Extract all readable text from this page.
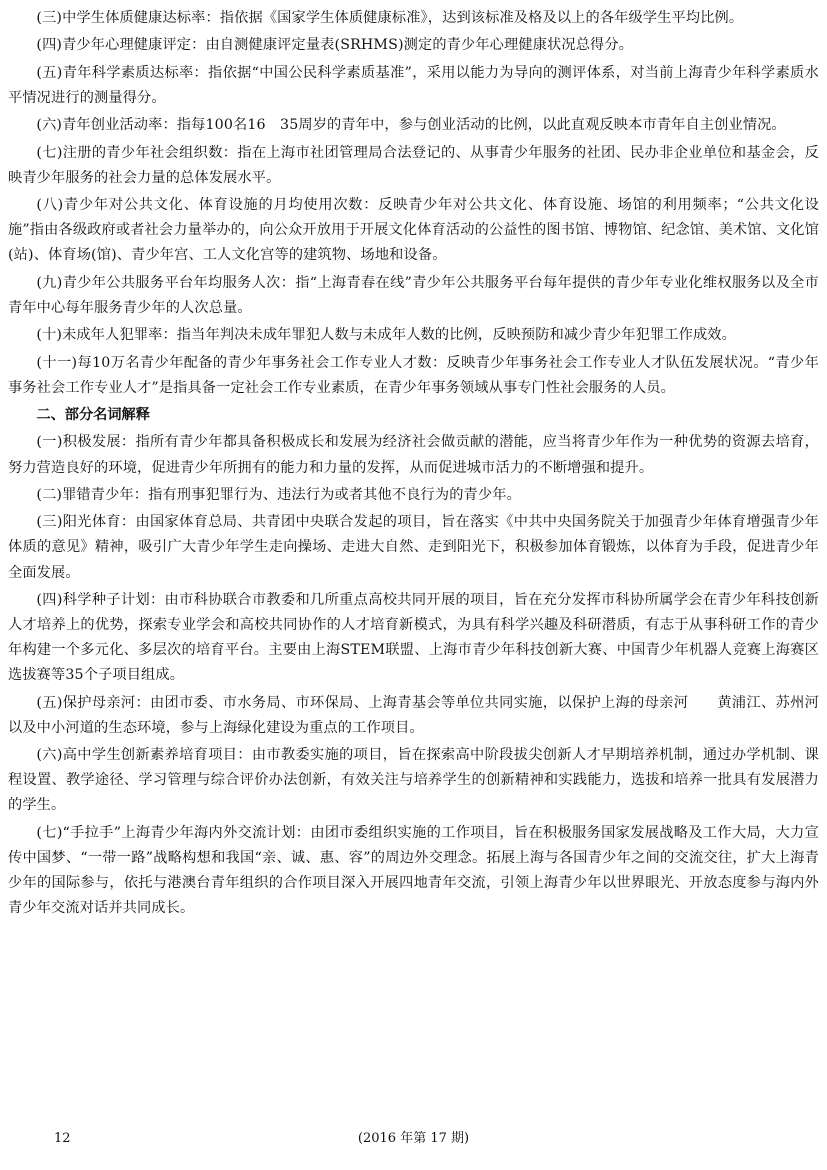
(三)中学生体质健康达标率：指依据《国家学生体质健康标准》，达到该标准及格及以上的各年级学生平均比例。

(四)青少年心理健康评定：由自测健康评定量表(SRHMS)测定的青少年心理健康状况总得分。

(五)青年科学素质达标率：指依据“中国公民科学素质基准”，采用以能力为导向的测评体系，对当前上海青少年科学素质水平情况进行的测量得分。

(六)青年创业活动率：指每100名16　35周岁的青年中，参与创业活动的比例，以此直观反映本市青年自主创业情况。

(七)注册的青少年社会组织数：指在上海市社团管理局合法登记的、从事青少年服务的社团、民办非企业单位和基金会，反映青少年服务的社会力量的总体发展水平。

(八)青少年对公共文化、体育设施的月均使用次数：反映青少年对公共文化、体育设施、场馆的利用频率；“公共文化设施”指由各级政府或者社会力量举办的，向公众开放用于开展文化体育活动的公益性的图书馆、博物馆、纪念馆、美术馆、文化馆(站)、体育场(馆)、青少年宫、工人文化宫等的建筑物、场地和设备。

(九)青少年公共服务平台年均服务人次：指“上海青春在线”青少年公共服务平台每年提供的青少年专业化维权服务以及全市青年中心每年服务青少年的人次总量。

(十)未成年人犯罪率：指当年判决未成年罪犯人数与未成年人数的比例，反映预防和减少青少年犯罪工作成效。

(十一)每10万名青少年配备的青少年事务社会工作专业人才数：反映青少年事务社会工作专业人才队伍发展状况。“青少年事务社会工作专业人才”是指具备一定社会工作专业素质，在青少年事务领域从事专门性社会服务的人员。

二、部分名词解释

(一)积极发展：指所有青少年都具备积极成长和发展为经济社会做贡献的潜能，应当将青少年作为一种优势的资源去培育，努力营造良好的环境，促进青少年所拥有的能力和力量的发挥，从而促进城市活力的不断增强和提升。

(二)罪错青少年：指有刑事犯罪行为、违法行为或者其他不良行为的青少年。

(三)阳光体育：由国家体育总局、共青团中央联合发起的项目，旨在落实《中共中央国务院关于加强青少年体育增强青少年体质的意见》精神，吸引广大青少年学生走向操场、走进大自然、走到阳光下，积极参加体育锻炼，以体育为手段，促进青少年全面发展。

(四)科学种子计划：由市科协联合市教委和几所重点高校共同开展的项目，旨在充分发挥市科协所属学会在青少年科技创新人才培养上的优势，探索专业学会和高校共同协作的人才培育新模式，为具有科学兴趣及科研潜质，有志于从事科研工作的青少年构建一个多元化、多层次的培育平台。主要由上海STEM联盟、上海市青少年科技创新大赛、中国青少年机器人竞赛上海赛区选拔赛等35个子项目组成。

(五)保护母亲河：由团市委、市水务局、市环保局、上海青基会等单位共同实施，以保护上海的母亲河　　黄浦江、苏州河以及中小河道的生态环境，参与上海绿化建设为重点的工作项目。

(六)高中学生创新素养培育项目：由市教委实施的项目，旨在探索高中阶段拔尖创新人才早期培养机制，通过办学机制、课程设置、教学途径、学习管理与综合评价办法创新，有效关注与培养学生的创新精神和实践能力，选拔和培养一批具有发展潜力的学生。

(七)“手拉手”上海青少年海内外交流计划：由团市委组织实施的工作项目，旨在积极服务国家发展战略及工作大局，大力宣传中国梦、“一带一路”战略构想和我国“亲、诚、惠、容”的周边外交理念。拓展上海与各国青少年之间的交流交往，扩大上海青少年的国际参与，依托与港澳台青年组织的合作项目深入开展四地青年交流，引领上海青少年以世界眼光、开放态度参与海内外青少年交流对话并共同成长。

(2016 年第 17 期)
12
